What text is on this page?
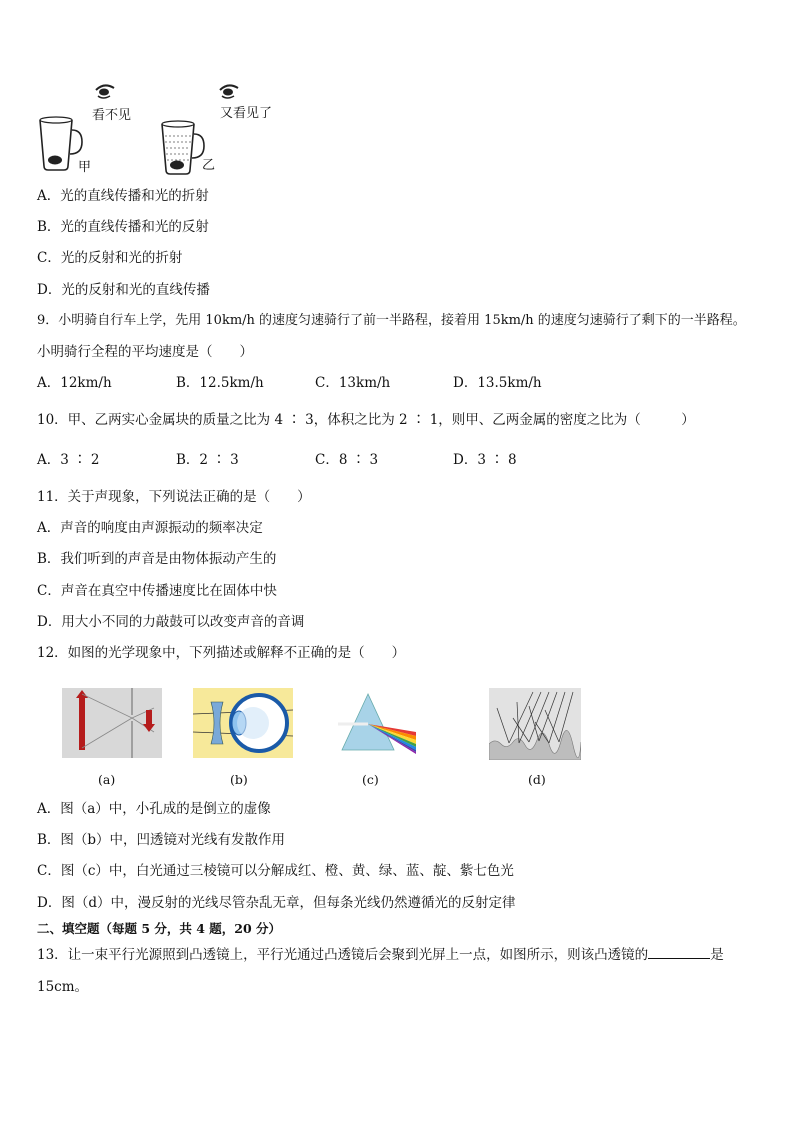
看不见	又看见了
甲	乙
A．光的直线传播和光的折射
B．光的直线传播和光的反射
C．光的反射和光的折射
D．光的反射和光的直线传播
9．小明骑自行车上学，先用 10km/h 的速度匀速骑行了前一半路程，接着用 15km/h 的速度匀速骑行了剩下的一半路程。
小明骑行全程的平均速度是（　　）
A．12km/h	B．12.5km/h	C．13km/h	D．13.5km/h
10．甲、乙两实心金属块的质量之比为 4 ∶ 3，体积之比为 2 ∶ 1，则甲、乙两金属的密度之比为（　　　）
A．3 ∶ 2	B．2 ∶ 3	C．8 ∶ 3	D．3 ∶ 8
11．关于声现象，下列说法正确的是（　　）
A．声音的响度由声源振动的频率决定
B．我们听到的声音是由物体振动产生的
C．声音在真空中传播速度比在固体中快
D．用大小不同的力敲鼓可以改变声音的音调
12．如图的光学现象中，下列描述或解释不正确的是（　　）
(a)	(b)	(c)	(d)
A．图（a）中，小孔成的是倒立的虚像
B．图（b）中，凹透镜对光线有发散作用
C．图（c）中，白光通过三棱镜可以分解成红、橙、黄、绿、蓝、靛、紫七色光
D．图（d）中，漫反射的光线尽管杂乱无章，但每条光线仍然遵循光的反射定律
二、填空题（每题 5 分，共 4 题，20 分）
13．让一束平行光源照到凸透镜上，平行光通过凸透镜后会聚到光屏上一点，如图所示，则该凸透镜的	是
15cm。
